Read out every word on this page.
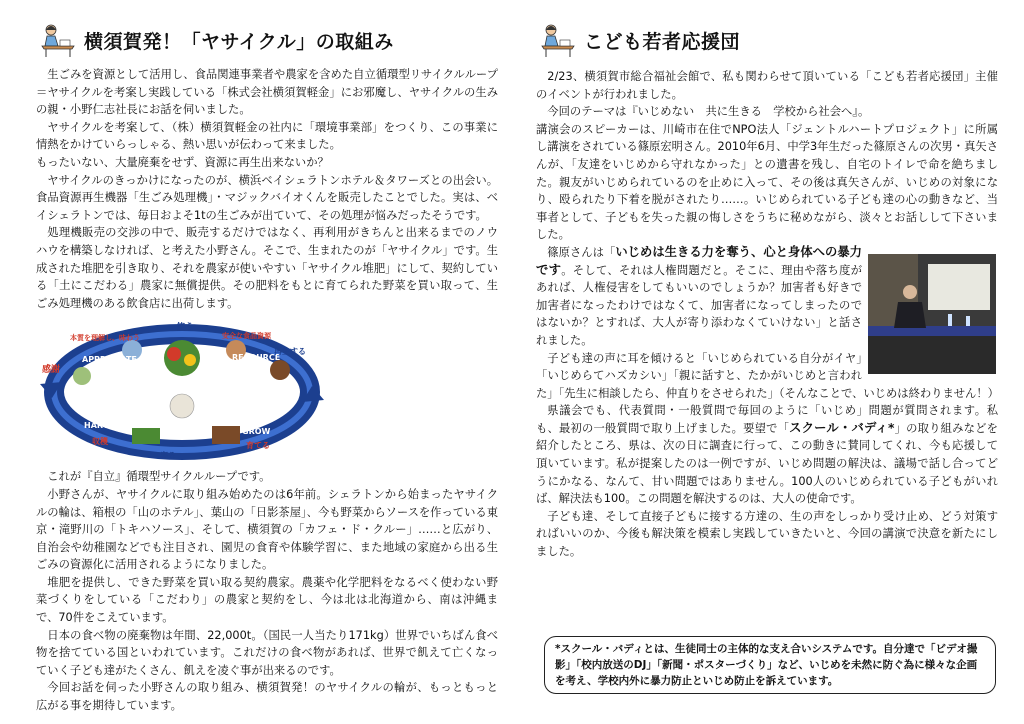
横須賀発！「ヤサイクル」の取組み

生ごみを資源として活用し、食品関連事業者や農家を含めた自立循環型リサイクルループ＝ヤサイクルを考案し実践している「株式会社横須賀軽金」にお邪魔し、ヤサイクルの生みの親・小野仁志社長にお話を伺いました。

ヤサイクルを考案して、（株）横須賀軽金の社内に「環境事業部」をつくり、この事業に情熱をかけていらっしゃる、熱い思いが伝わって来ました。

もったいない、大量廃棄をせず、資源に再生出来ないか？

ヤサイクルのきっかけになったのが、横浜ベイシェラトンホテル＆タワーズとの出会い。食品資源再生機器「生ごみ処理機」・マジックバイオくんを販売したことでした。実は、ベイシェラトンでは、毎日およそ1tの生ごみが出ていて、その処理が悩みだったそうです。

処理機販売の交渉の中で、販売するだけではなく、再利用がきちんと出来るまでのノウハウを構築しなければ、と考えた小野さん。そこで、生まれたのが「ヤサイクル」です。生成された堆肥を引き取り、それを農家が使いやすい「ヤサイクル堆肥」にして、契約している「土にこだわる」農家に無償提供。その肥料をもとに育てられた野菜を買い取って、生ごみ処理機のある飲食店に出荷します。

使う
安全な食品資源
RESOURCE
再生する
GROW
育てる
実る
HARVEST
収穫
APPRECIATE
感謝
本質を理解し、味わう

これが『自立』循環型サイクルループです。

小野さんが、ヤサイクルに取り組み始めたのは6年前。シェラトンから始まったヤサイクルの輪は、箱根の「山のホテル」、葉山の「日影茶屋」、今も野菜からソースを作っている東京・滝野川の「トキハソース」、そして、横須賀の「カフェ・ド・クルー」……と広がり、自治会や幼稚園などでも注目され、園児の食育や体験学習に、また地域の家庭から出る生ごみの資源化に活用されるようになりました。

堆肥を提供し、できた野菜を買い取る契約農家。農薬や化学肥料をなるべく使わない野菜づくりをしている「こだわり」の農家と契約をし、今は北は北海道から、南は沖縄まで、70件をこえています。

日本の食べ物の廃棄物は年間、22,000t。（国民一人当たり171kg）世界でいちばん食べ物を捨てている国といわれています。これだけの食べ物があれば、世界で飢えて亡くなっていく子ども達がたくさん、飢えを凌ぐ事が出来るのです。

今回お話を伺った小野さんの取り組み、横須賀発！のヤサイクルの輪が、もっともっと広がる事を期待しています。

こども若者応援団

2/23、横須賀市総合福祉会館で、私も関わらせて頂いている「こども若者応援団」主催のイベントが行われました。

今回のテーマは『いじめない　共に生きる　学校から社会へ』。

講演会のスピーカーは、川崎市在住でNPO法人「ジェントルハートプロジェクト」に所属し講演をされている篠原宏明さん。2010年6月、中学3年生だった篠原さんの次男・真矢さんが、「友達をいじめから守れなかった」との遺書を残し、自宅のトイレで命を絶ちました。親友がいじめられているのを止めに入って、その後は真矢さんが、いじめの対象になり、殴られたり下着を脱がされたり……。いじめられている子ども達の心の動きなど、当事者として、子どもを失った親の悔しさをうちに秘めながら、淡々とお話しして下さいました。

篠原さんは「いじめは生きる力を奪う、心と身体への暴力です。そして、それは人権問題だと。そこに、理由や落ち度があれば、人権侵害をしてもいいのでしょうか？加害者も好きで加害者になったわけではなくて、加害者になってしまったのではないか？とすれば、大人が寄り添わなくていけない」と話されました。

子ども達の声に耳を傾けると「いじめられている自分がイヤ」「いじめらてハズカシい」「親に話すと、たかがいじめと言われた」「先生に相談したら、仲直りをさせられた」（そんなことで、いじめは終わりません！）

県議会でも、代表質問・一般質問で毎回のように「いじめ」問題が質問されます。私も、最初の一般質問で取り上げました。要望で「スクール・バディ*」の取り組みなどを紹介したところ、県は、次の日に調査に行って、この動きに賛同してくれ、今も応援して頂いています。私が提案したのは一例ですが、いじめ問題の解決は、議場で話し合ってどうにかなる、なんて、甘い問題ではありません。100人のいじめられている子どもがいれば、解決法も100。この問題を解決するのは、大人の使命です。

子ども達、そして直接子どもに接する方達の、生の声をしっかり受け止め、どう対策すればいいのか、今後も解決策を模索し実践していきたいと、今回の講演で決意を新たにしました。

*スクール・バディとは、生徒同士の主体的な支え合いシステムです。自分達で「ビデオ撮影」「校内放送のDJ」「新聞・ポスターづくり」など、いじめを未然に防ぐ為に様々な企画を考え、学校内外に暴力防止といじめ防止を訴えています。
